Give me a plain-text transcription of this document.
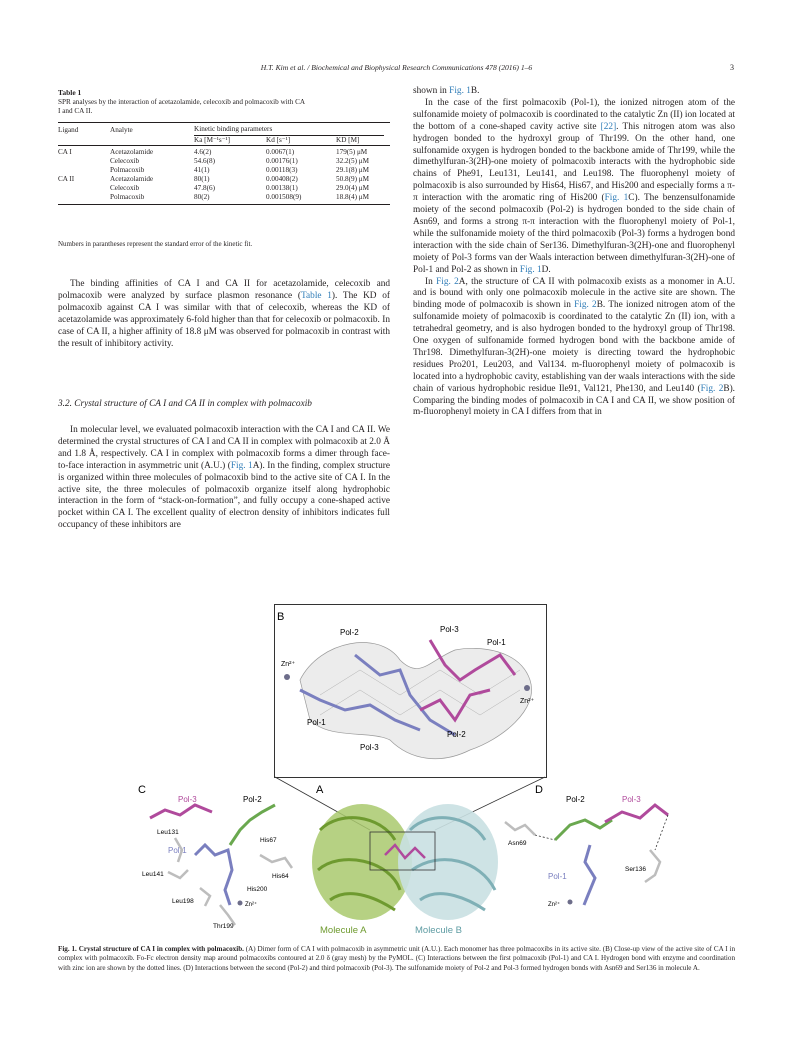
H.T. Kim et al. / Biochemical and Biophysical Research Communications 478 (2016) 1–6	3
Table 1
SPR analyses by the interaction of acetazolamide, celecoxib and polmacoxib with CA
I and CA II.
Ligand	Analyte	Kinetic binding parameters		

		Ka [M⁻¹s⁻¹]	Kd [s⁻¹]	KD [M]
CA I	Acetazolamide	4.6(2)	0.0067(1)	179(5) μM
	Celecoxib	54.6(8)	0.00176(1)	32.2(5) μM
	Polmacoxib	41(1)	0.00118(3)	29.1(8) μM
CA II	Acetazolamide	80(1)	0.00408(2)	50.8(9) μM
	Celecoxib	47.8(6)	0.00138(1)	29.0(4) μM
	Polmacoxib	80(2)	0.001508(9)	18.8(4) μM
Numbers in parantheses represent the standard error of the kinetic fit.

The binding affinities of CA I and CA II for acetazolamide, celecoxib and polmacoxib were analyzed by surface plasmon resonance (Table 1). The KD of polmacoxib against CA I was similar with that of celecoxib, whereas the KD of acetazolamide was approximately 6-fold higher than that for celecoxib or polmacoxib. In case of CA II, a higher affinity of 18.8 μM was observed for polmacoxib in contrast with the result of inhibitory activity.

3.2. Crystal structure of CA I and CA II in complex with polmacoxib

In molecular level, we evaluated polmacoxib interaction with the CA I and CA II. We determined the crystal structures of CA I and CA II in complex with polmacoxib at 2.0 Å and 1.8 Å, respectively. CA I in complex with polmacoxib forms a dimer through face-to-face interaction in asymmetric unit (A.U.) (Fig. 1A). In the finding, complex structure is organized within three molecules of polmacoxib bind to the active site of CA I. In the active site, the three molecules of polmacoxib organize itself along hydrophobic interaction in the form of “stack-on-formation”, and fully occupy a cone-shaped active pocket within CA I. The excellent quality of electron density of inhibitors indicates full occupancy of these inhibitors are

shown in Fig. 1B.

In the case of the first polmacoxib (Pol-1), the ionized nitrogen atom of the sulfonamide moiety of polmacoxib is coordinated to the catalytic Zn (II) ion located at the bottom of a cone-shaped cavity active site [22]. This nitrogen atom was also hydrogen bonded to the hydroxyl group of Thr199. On the other hand, one sulfonamide oxygen is hydrogen bonded to the backbone amide of Thr199, while the dimethylfuran-3(2H)-one moiety of polmacoxib interacts with the hydrophobic side chains of Phe91, Leu131, Leu141, and Leu198. The fluorophenyl moiety of polmacoxib is also surrounded by His64, His67, and His200 and especially forms a π-π interaction with the aromatic ring of His200 (Fig. 1C). The benzensulfonamide moiety of the second polmacoxib (Pol-2) is hydrogen bonded to the side chain of Asn69, and forms a strong π-π interaction with the fluorophenyl moiety of Pol-1, while the sulfonamide moiety of the third polmacoxib (Pol-3) forms a hydrogen bond interaction with the side chain of Ser136. Dimethylfuran-3(2H)-one and fluorophenyl moiety of Pol-3 forms van der Waals interaction between dimethylfuran-3(2H)-one of Pol-1 and Pol-2 as shown in Fig. 1D.

In Fig. 2A, the structure of CA II with polmacoxib exists as a monomer in A.U. and is bound with only one polmacoxib molecule in the active site are shown. The binding mode of polmacoxib is shown in Fig. 2B. The ionized nitrogen atom of the sulfonamide moiety of polmacoxib is coordinated to the catalytic Zn (II) ion, with a tetrahedral geometry, and is also hydrogen bonded to the hydroxyl group of Thr198. One oxygen of sulfonamide formed hydrogen bond with the backbone amide of Thr198. Dimethylfuran-3(2H)-one moiety is directing toward the hydrophobic residues Pro201, Leu203, and Val134. m-fluorophenyl moiety of polmacoxib is located into a hydrophobic cavity, establishing van der waals interactions with the side chain of various hydrophobic residue Ile91, Val121, Phe130, and Leu140 (Fig. 2B). Comparing the binding modes of polmacoxib in CA I and CA II, we show position of m-fluorophenyl moiety in CA I differs from that in

B
Pol-2	Pol-3
Pol-1
Zn²⁺
Zn²⁺
Pol-1
Pol-2
Pol-3
A
Molecule A	Molecule B
C
Pol-3	Pol-2
Pol-1
Leu131
His67
Leu141	His64
His200
Leu198	Zn²⁺
Thr199
D
Pol-2	Pol-3
Pol-1
Asn69
Ser136
Zn²⁺
Fig. 1. Crystal structure of CA I in complex with polmacoxib. (A) Dimer form of CA I with polmacoxib in asymmetric unit (A.U.). Each monomer has three polmacoxibs in its active site. (B) Close-up view of the active site of CA I in complex with polmacoxib. Fo-Fc electron density map around polmacoxibs contoured at 2.0 δ (gray mesh) by the PyMOL. (C) Interactions between the first polmacoxib (Pol-1) and CA I. Hydrogen bond with enzyme and coordination with zinc ion are shown by the dotted lines. (D) Interactions between the second (Pol-2) and third polmacoxib (Pol-3). The sulfonamide moiety of Pol-2 and Pol-3 formed hydrogen bonds with Asn69 and Ser136 in molecule A.
